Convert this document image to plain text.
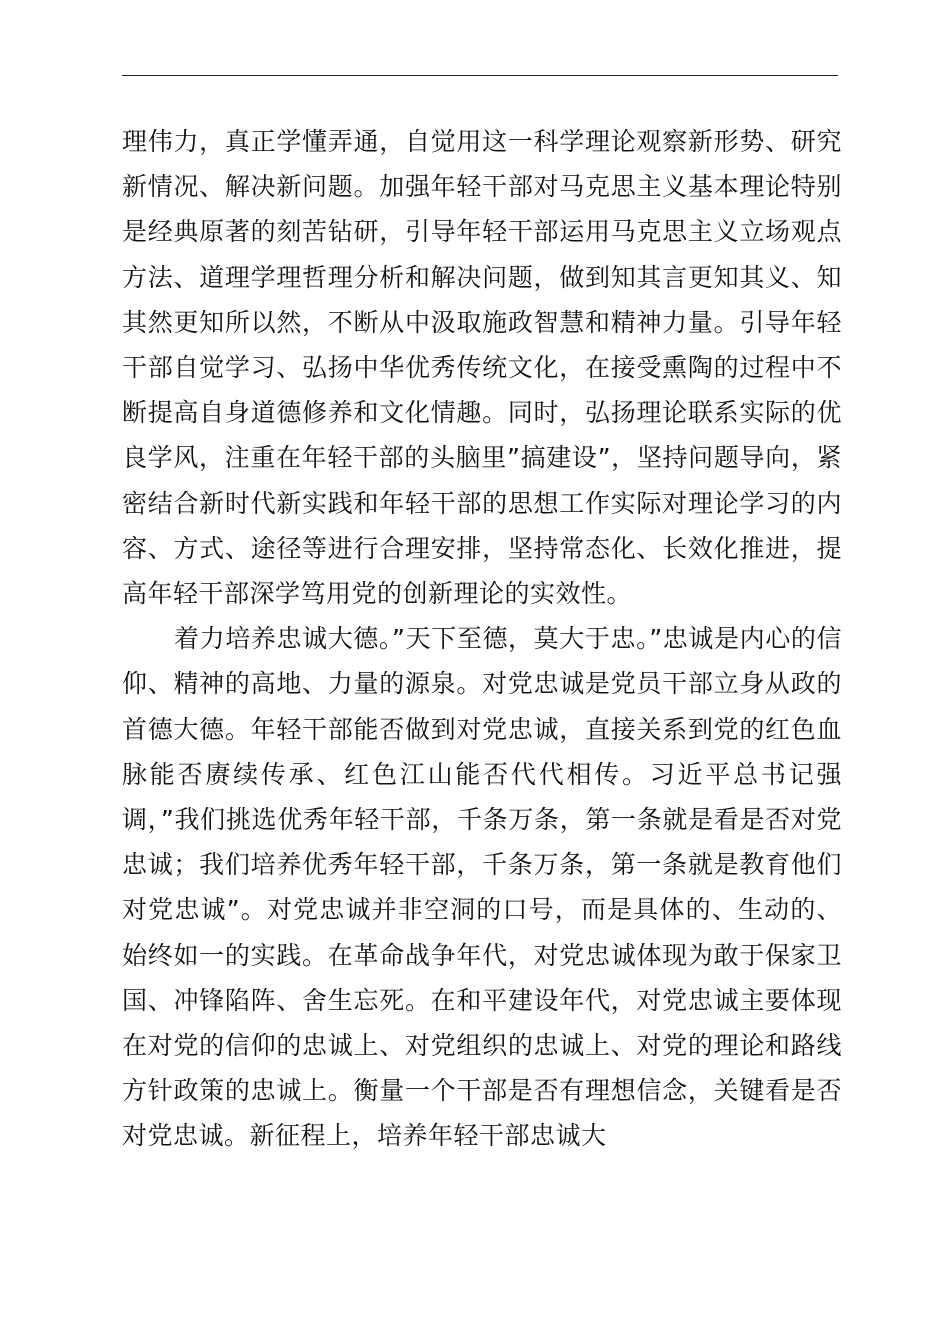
理伟力，真正学懂弄通，自觉用这一科学理论观察新形势、研究新情况、解决新问题。加强年轻干部对马克思主义基本理论特别是经典原著的刻苦钻研，引导年轻干部运用马克思主义立场观点方法、道理学理哲理分析和解决问题，做到知其言更知其义、知其然更知所以然，不断从中汲取施政智慧和精神力量。引导年轻干部自觉学习、弘扬中华优秀传统文化，在接受熏陶的过程中不断提高自身道德修养和文化情趣。同时，弘扬理论联系实际的优良学风，注重在年轻干部的头脑里”搞建设”，坚持问题导向，紧密结合新时代新实践和年轻干部的思想工作实际对理论学习的内容、方式、途径等进行合理安排，坚持常态化、长效化推进，提高年轻干部深学笃用党的创新理论的实效性。

着力培养忠诚大德。”天下至德，莫大于忠。”忠诚是内心的信仰、精神的高地、力量的源泉。对党忠诚是党员干部立身从政的首德大德。年轻干部能否做到对党忠诚，直接关系到党的红色血脉能否赓续传承、红色江山能否代代相传。习近平总书记强调，”我们挑选优秀年轻干部，千条万条，第一条就是看是否对党忠诚；我们培养优秀年轻干部，千条万条，第一条就是教育他们对党忠诚”。对党忠诚并非空洞的口号，而是具体的、生动的、始终如一的实践。在革命战争年代，对党忠诚体现为敢于保家卫国、冲锋陷阵、舍生忘死。在和平建设年代，对党忠诚主要体现在对党的信仰的忠诚上、对党组织的忠诚上、对党的理论和路线方针政策的忠诚上。衡量一个干部是否有理想信念，关键看是否对党忠诚。新征程上，培养年轻干部忠诚大
